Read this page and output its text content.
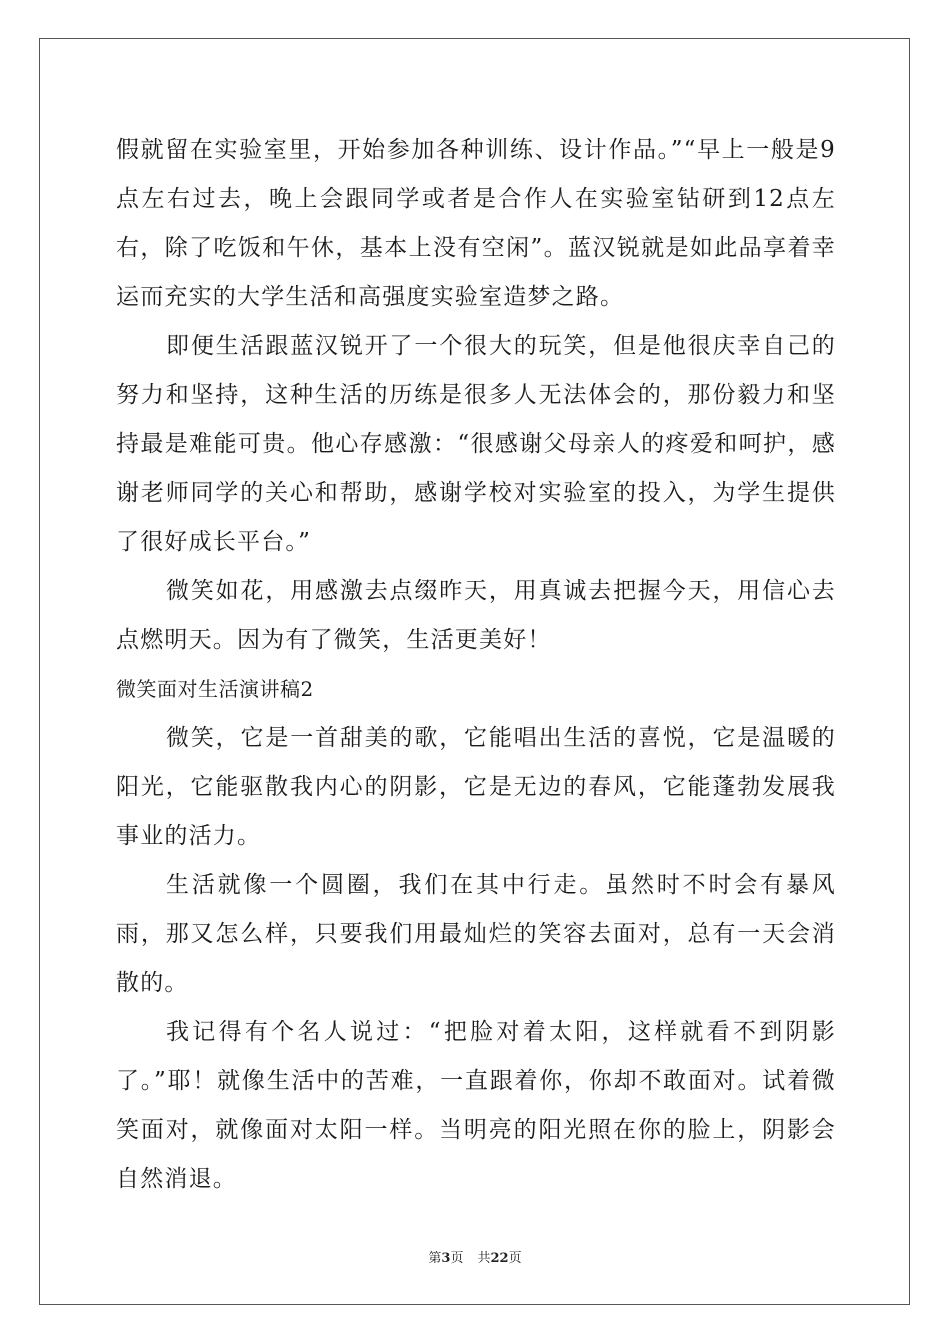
假就留在实验室里，开始参加各种训练、设计作品。”“早上一般是9点左右过去，晚上会跟同学或者是合作人在实验室钻研到12点左右，除了吃饭和午休，基本上没有空闲”。蓝汉锐就是如此品享着幸运而充实的大学生活和高强度实验室造梦之路。

即便生活跟蓝汉锐开了一个很大的玩笑，但是他很庆幸自己的努力和坚持，这种生活的历练是很多人无法体会的，那份毅力和坚持最是难能可贵。他心存感激：“很感谢父母亲人的疼爱和呵护，感谢老师同学的关心和帮助，感谢学校对实验室的投入，为学生提供了很好成长平台。”

微笑如花，用感激去点缀昨天，用真诚去把握今天，用信心去点燃明天。因为有了微笑，生活更美好！

微笑面对生活演讲稿2

微笑，它是一首甜美的歌，它能唱出生活的喜悦，它是温暖的阳光，它能驱散我内心的阴影，它是无边的春风，它能蓬勃发展我事业的活力。

生活就像一个圆圈，我们在其中行走。虽然时不时会有暴风雨，那又怎么样，只要我们用最灿烂的笑容去面对，总有一天会消散的。

我记得有个名人说过：“把脸对着太阳，这样就看不到阴影了。”耶！就像生活中的苦难，一直跟着你，你却不敢面对。试着微笑面对，就像面对太阳一样。当明亮的阳光照在你的脸上，阴影会自然消退。

第3页 共22页
